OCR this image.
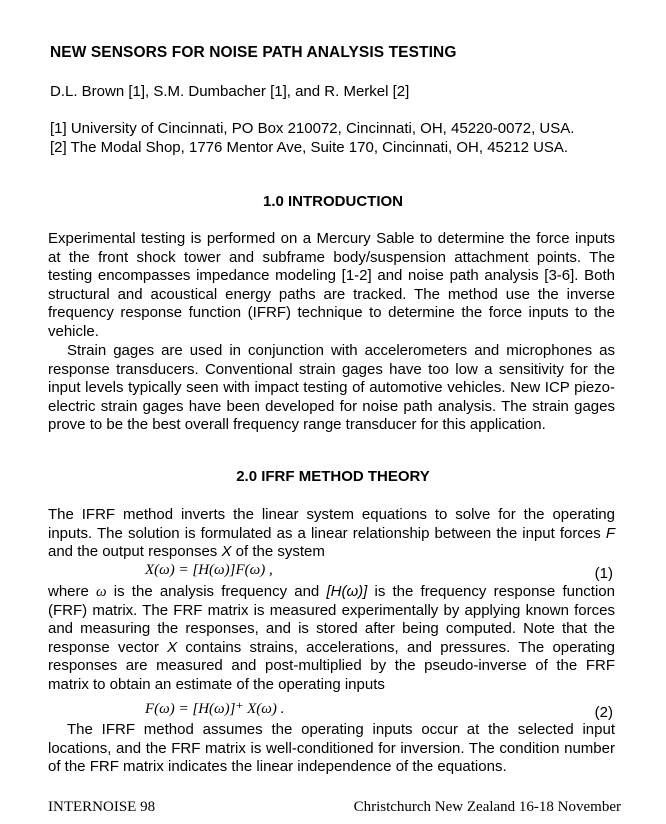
NEW SENSORS FOR NOISE PATH ANALYSIS TESTING
D.L. Brown [1], S.M. Dumbacher [1], and R. Merkel [2]
[1] University of Cincinnati, PO Box 210072, Cincinnati, OH, 45220-0072, USA.
[2] The Modal Shop, 1776 Mentor Ave, Suite 170, Cincinnati, OH, 45212 USA.
1.0 INTRODUCTION

Experimental testing is performed on a Mercury Sable to determine the force inputs at the front shock tower and subframe body/suspension attachment points. The testing encompasses impedance modeling [1-2] and noise path analysis [3-6]. Both structural and acoustical energy paths are tracked. The method use the inverse frequency response function (IFRF) technique to determine the force inputs to the vehicle.

Strain gages are used in conjunction with accelerometers and microphones as response transducers. Conventional strain gages have too low a sensitivity for the input levels typically seen with impact testing of automotive vehicles. New ICP piezo-electric strain gages have been developed for noise path analysis. The strain gages prove to be the best overall frequency range transducer for this application.

2.0 IFRF METHOD THEORY

The IFRF method inverts the linear system equations to solve for the operating inputs. The solution is formulated as a linear relationship between the input forces F and the output responses X of the system

X(ω) = [H(ω)]F(ω) ,	(1)

where ω is the analysis frequency and [H(ω)] is the frequency response function (FRF) matrix. The FRF matrix is measured experimentally by applying known forces and measuring the responses, and is stored after being computed. Note that the response vector X contains strains, accelerations, and pressures. The operating responses are measured and post-multiplied by the pseudo-inverse of the FRF matrix to obtain an estimate of the operating inputs

F(ω) = [H(ω)]⁺ X(ω) .	(2)

The IFRF method assumes the operating inputs occur at the selected input locations, and the FRF matrix is well-conditioned for inversion. The condition number of the FRF matrix indicates the linear independence of the equations.

INTERNOISE 98	Christchurch New Zealand 16-18 November
